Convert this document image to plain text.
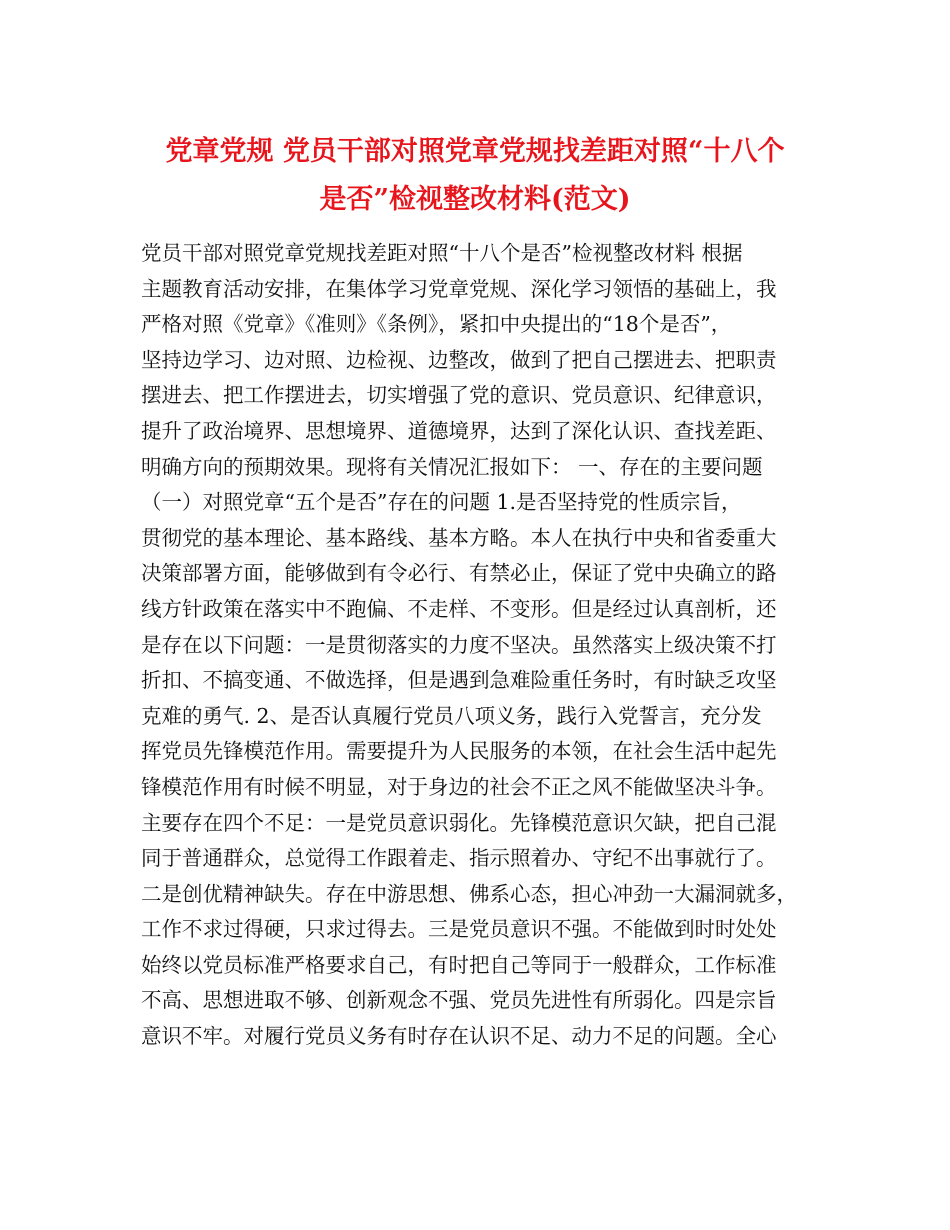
党章党规 党员干部对照党章党规找差距对照“十八个
是否”检视整改材料(范文)
党员干部对照党章党规找差距对照“十八个是否”检视整改材料 根据
主题教育活动安排，在集体学习党章党规、深化学习领悟的基础上，我
严格对照《党章》《准则》《条例》，紧扣中央提出的“18个是否”，
坚持边学习、边对照、边检视、边整改，做到了把自己摆进去、把职责
摆进去、把工作摆进去，切实增强了党的意识、党员意识、纪律意识，
提升了政治境界、思想境界、道德境界，达到了深化认识、查找差距、
明确方向的预期效果。现将有关情况汇报如下： 一、存在的主要问题
（一）对照党章“五个是否”存在的问题 1.是否坚持党的性质宗旨，
贯彻党的基本理论、基本路线、基本方略。本人在执行中央和省委重大
决策部署方面，能够做到有令必行、有禁必止，保证了党中央确立的路
线方针政策在落实中不跑偏、不走样、不变形。但是经过认真剖析，还
是存在以下问题：一是贯彻落实的力度不坚决。虽然落实上级决策不打
折扣、不搞变通、不做选择，但是遇到急难险重任务时，有时缺乏攻坚
克难的勇气. 2、是否认真履行党员八项义务，践行入党誓言，充分发
挥党员先锋模范作用。需要提升为人民服务的本领，在社会生活中起先
锋模范作用有时候不明显，对于身边的社会不正之风不能做坚决斗争。
主要存在四个不足：一是党员意识弱化。先锋模范意识欠缺，把自己混
同于普通群众，总觉得工作跟着走、指示照着办、守纪不出事就行了。
二是创优精神缺失。存在中游思想、佛系心态，担心冲劲一大漏洞就多，
工作不求过得硬，只求过得去。三是党员意识不强。不能做到时时处处
始终以党员标准严格要求自己，有时把自己等同于一般群众，工作标准
不高、思想进取不够、创新观念不强、党员先进性有所弱化。四是宗旨
意识不牢。对履行党员义务有时存在认识不足、动力不足的问题。全心
